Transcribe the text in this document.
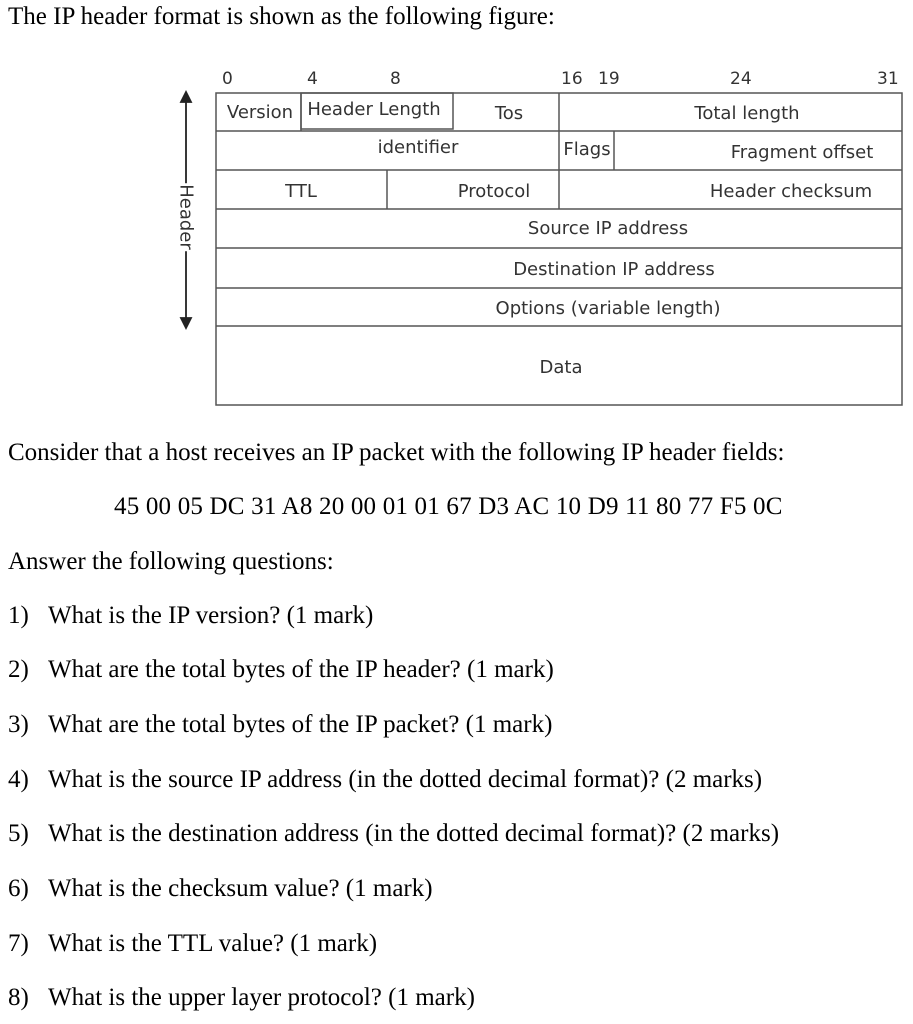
The IP header format is shown as the following figure:
0	4	8	16 19	24	31
Header
Version Header Length	Tos	Total length
identifier	Flags	Fragment offset
TTL	Protocol	Header checksum
Source IP address
Destination IP address
Options (variable length)
Data
Consider that a host receives an IP packet with the following IP header fields:
45 00 05 DC 31 A8 20 00 01 01 67 D3 AC 10 D9 11 80 77 F5 0C
Answer the following questions:
1) What is the IP version? (1 mark)
2) What are the total bytes of the IP header? (1 mark)
3) What are the total bytes of the IP packet? (1 mark)
4) What is the source IP address (in the dotted decimal format)? (2 marks)
5) What is the destination address (in the dotted decimal format)? (2 marks)
6) What is the checksum value? (1 mark)
7) What is the TTL value? (1 mark)
8) What is the upper layer protocol? (1 mark)
